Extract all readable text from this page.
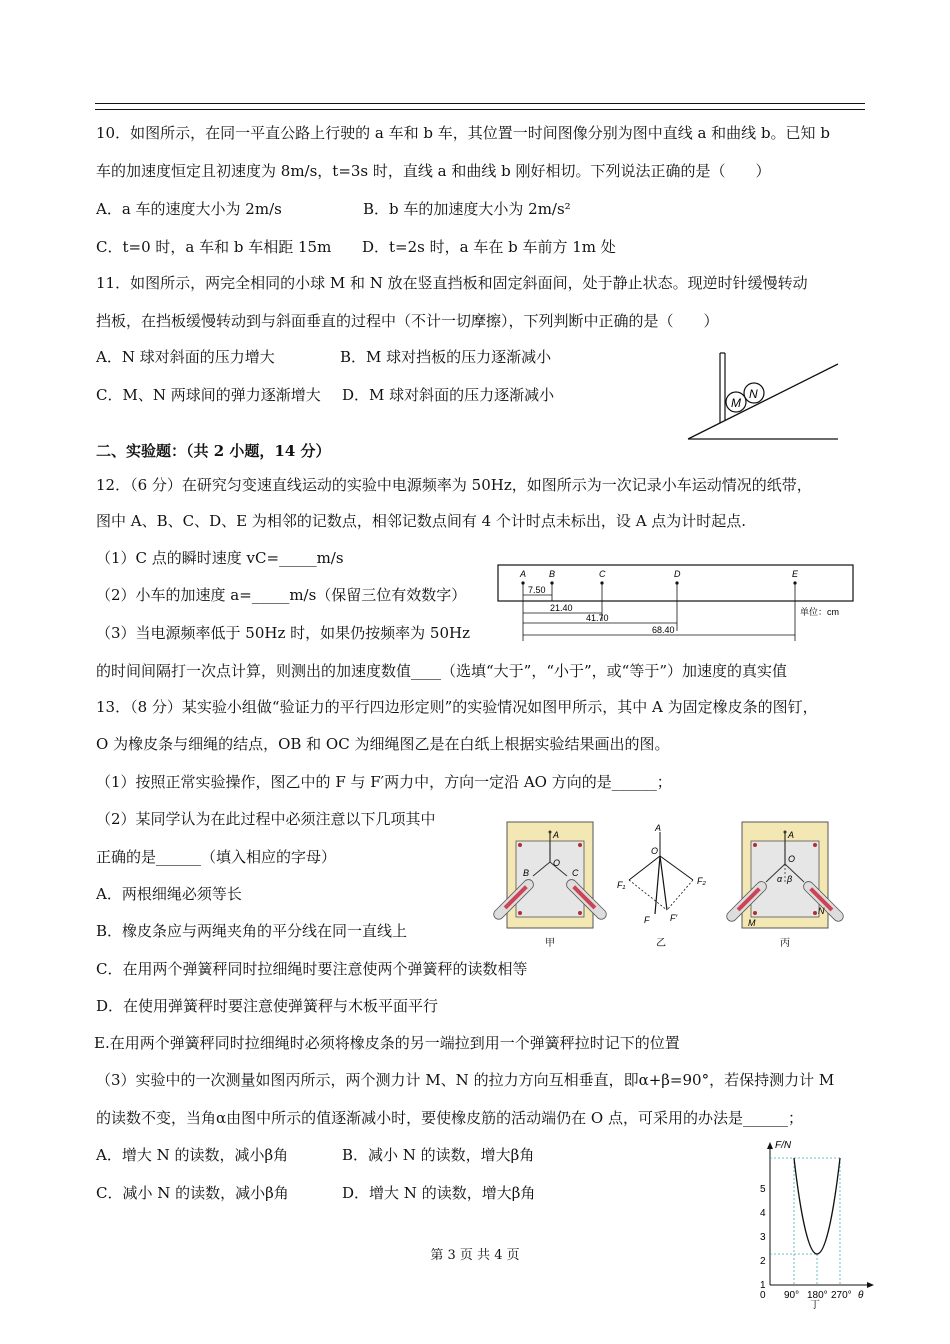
10．如图所示，在同一平直公路上行驶的 a 车和 b 车，其位置一时间图像分别为图中直线 a 和曲线 b。已知 b
车的加速度恒定且初速度为 8m/s，t=3s 时，直线 a 和曲线 b 刚好相切。下列说法正确的是（　　）
A．a 车的速度大小为 2m/s	B．b 车的加速度大小为 2m/s²
C．t=0 时，a 车和 b 车相距 15m D．t=2s 时，a 车在 b 车前方 1m 处
11．如图所示，两完全相同的小球 M 和 N 放在竖直挡板和固定斜面间，处于静止状态。现逆时针缓慢转动
挡板，在挡板缓慢转动到与斜面垂直的过程中（不计一切摩擦），下列判断中正确的是（　　）
A．N 球对斜面的压力增大	B．M 球对挡板的压力逐渐减小
C．M、N 两球间的弹力逐渐增大 D．M 球对斜面的压力逐渐减小	M
N
二、实验题：（共 2 小题，14 分）
12．（6 分）在研究匀变速直线运动的实验中电源频率为 50Hz，如图所示为一次记录小车运动情况的纸带，
图中 A、B、C、D、E 为相邻的记数点，相邻记数点间有 4 个计时点未标出，设 A 点为计时起点.
（1）C 点的瞬时速度 vC=_____m/s
（2）小车的加速度 a=_____m/s（保留三位有效数字）
（3）当电源频率低于 50Hz 时，如果仍按频率为 50Hz
的时间间隔打一次点计算，则测出的加速度数值____（选填“大于”，“小于”，或“等于”）加速度的真实值
A	B	C	D	E
7.50
21.40
41.70
68.40
单位：cm
13．（8 分）某实验小组做“验证力的平行四边形定则”的实验情况如图甲所示，其中 A 为固定橡皮条的图钉，
O 为橡皮条与细绳的结点，OB 和 OC 为细绳图乙是在白纸上根据实验结果画出的图。
（1）按照正常实验操作，图乙中的 F 与 F′两力中，方向一定沿 AO 方向的是______；
（2）某同学认为在此过程中必须注意以下几项其中
正确的是______（填入相应的字母）
A．两根细绳必须等长
B．橡皮条应与两绳夹角的平分线在同一直线上
C．在用两个弹簧秤同时拉细绳时要注意使两个弹簧秤的读数相等
D．在使用弹簧秤时要注意使弹簧秤与木板平面平行
E.在用两个弹簧秤同时拉细绳时必须将橡皮条的另一端拉到用一个弹簧秤拉时记下的位置
（3）实验中的一次测量如图丙所示，两个测力计 M、N 的拉力方向互相垂直，即α+β=90°，若保持测力计 M
的读数不变，当角α由图中所示的值逐渐减小时，要使橡皮筋的活动端仍在 O 点，可采用的办法是______；
A．增大 N 的读数，减小β角	B．减小 N 的读数，增大β角
C．减小 N 的读数，减小β角	D．增大 N 的读数，增大β角
A
O
B	C
甲
A
O
F₁	F₂
F F′
乙
A
O
α β
M
N
丙
F/N
1
2
3
4
5
0 90° 180° 270° θ
丁
第 3 页 共 4 页
